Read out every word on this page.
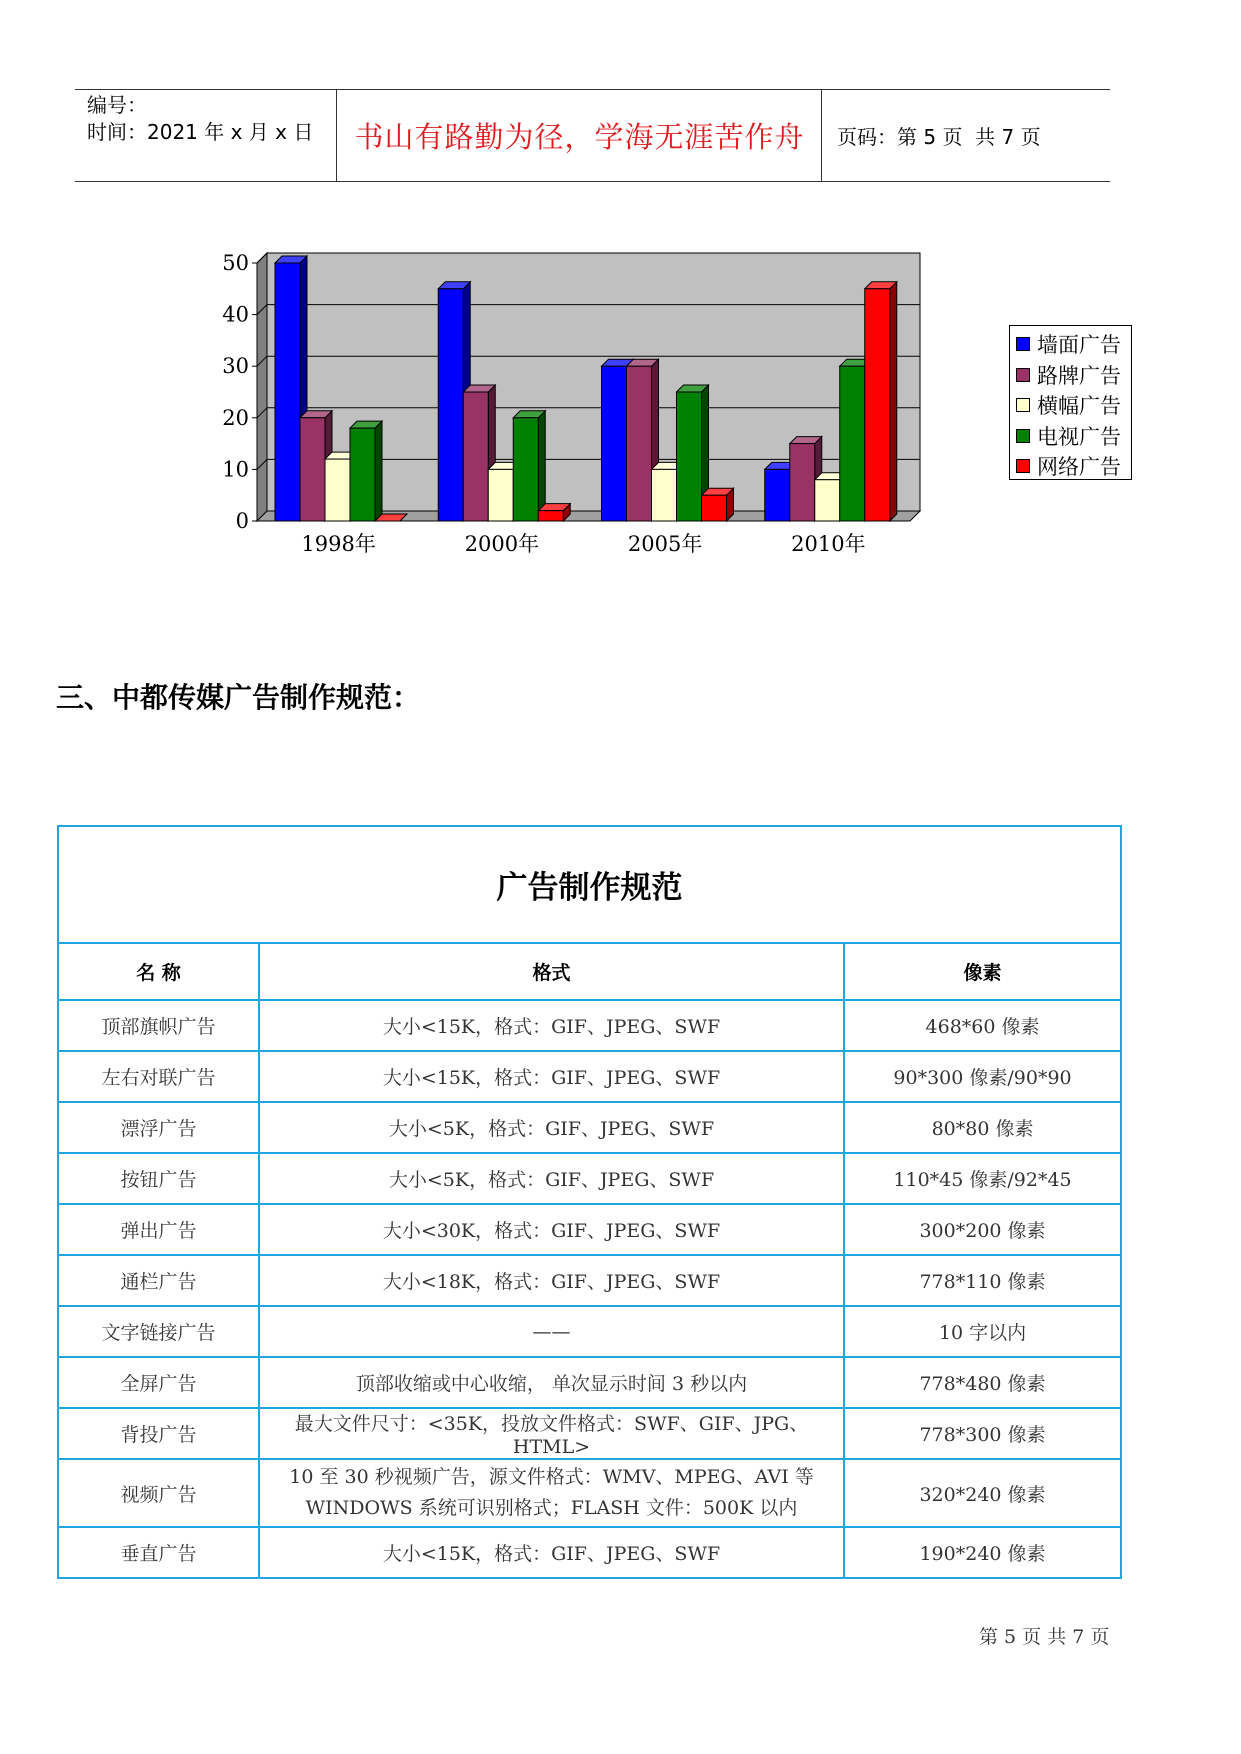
编号：
时间：2021 年 x 月 x 日	书山有路勤为径，学海无涯苦作舟	页码：第 5 页  共 7 页
0
10
20
30
40
50
1998年	2000年	2005年	2010年
墙面广告
路牌广告
横幅广告
电视广告
网络广告
三、中都传媒广告制作规范：
广告制作规范		
名 称	格式	像素
顶部旗帜广告	大小<15K，格式：GIF、JPEG、SWF	468*60 像素
左右对联广告	大小<15K，格式：GIF、JPEG、SWF	90*300 像素/90*90
漂浮广告	大小<5K，格式：GIF、JPEG、SWF	80*80 像素
按钮广告	大小<5K，格式：GIF、JPEG、SWF	110*45 像素/92*45
弹出广告	大小<30K，格式：GIF、JPEG、SWF	300*200 像素
通栏广告	大小<18K，格式：GIF、JPEG、SWF	778*110 像素
文字链接广告	——	10 字以内
全屏广告	顶部收缩或中心收缩， 单次显示时间 3 秒以内	778*480 像素
背投广告	最大文件尺寸：<35K，投放文件格式：SWF、GIF、JPG、HTML>	778*300 像素
视频广告	10 至 30 秒视频广告，源文件格式：WMV、MPEG、AVI 等 WINDOWS 系统可识别格式；FLASH 文件：500K 以内	320*240 像素
垂直广告	大小<15K，格式：GIF、JPEG、SWF	190*240 像素
第 5 页 共 7 页
